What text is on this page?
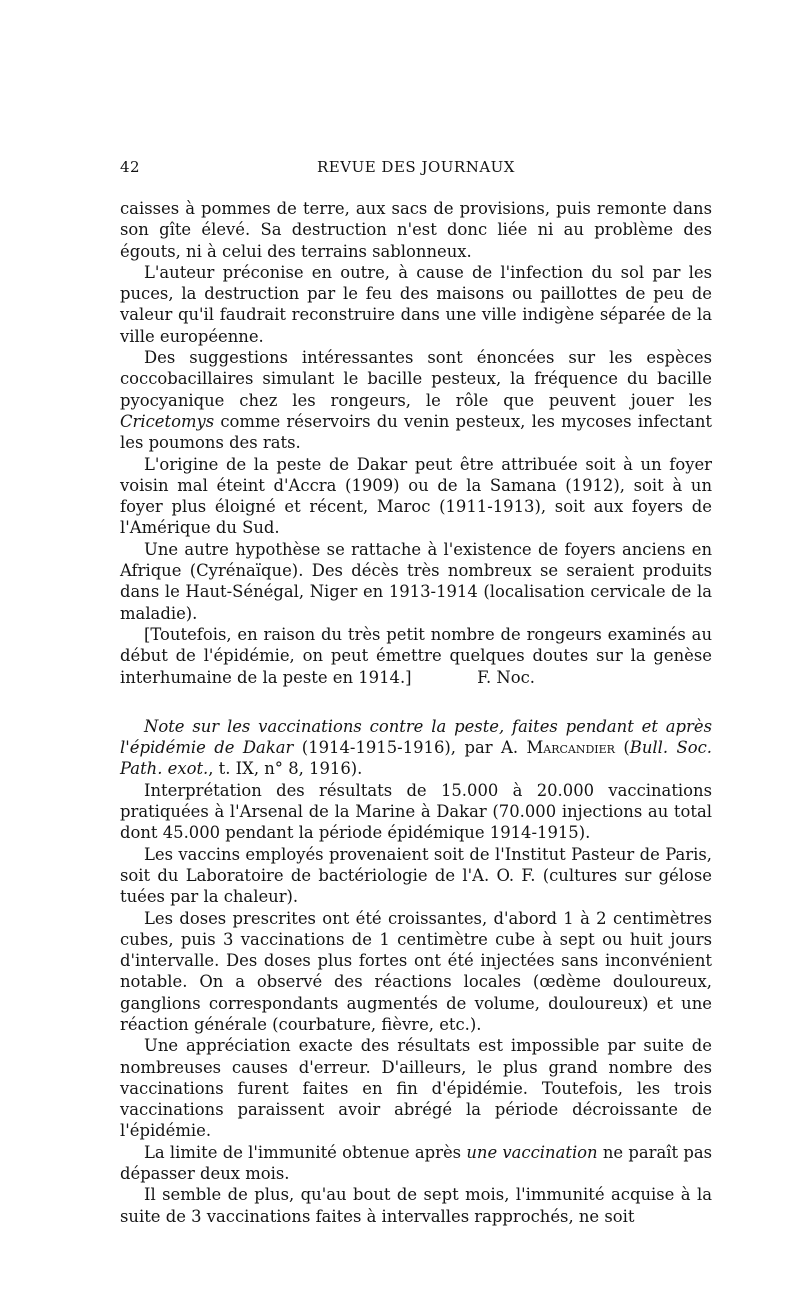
42	REVUE DES JOURNAUX

caisses à pommes de terre, aux sacs de provisions, puis remonte dans son gîte élevé. Sa destruction n'est donc liée ni au problème des égouts, ni à celui des terrains sablonneux.

L'auteur préconise en outre, à cause de l'infection du sol par les puces, la destruction par le feu des maisons ou paillottes de peu de valeur qu'il faudrait reconstruire dans une ville indigène séparée de la ville européenne.

Des suggestions intéressantes sont énoncées sur les espèces coccobacillaires simulant le bacille pesteux, la fréquence du bacille pyocyanique chez les rongeurs, le rôle que peuvent jouer les Cricetomys comme réservoirs du venin pesteux, les mycoses infectant les poumons des rats.

L'origine de la peste de Dakar peut être attribuée soit à un foyer voisin mal éteint d'Accra (1909) ou de la Samana (1912), soit à un foyer plus éloigné et récent, Maroc (1911-1913), soit aux foyers de l'Amérique du Sud.

Une autre hypothèse se rattache à l'existence de foyers anciens en Afrique (Cyrénaïque). Des décès très nombreux se seraient produits dans le Haut-Sénégal, Niger en 1913-1914 (localisation cervicale de la maladie).

[Toutefois, en raison du très petit nombre de rongeurs examinés au début de l'épidémie, on peut émettre quelques doutes sur la genèse interhumaine de la peste en 1914.]    	F. Noc.

Note sur les vaccinations contre la peste, faites pendant et après l'épidémie de Dakar (1914-1915-1916), par A. Marcandier (Bull. Soc. Path. exot., t. IX, n° 8, 1916).

Interprétation des résultats de 15.000 à 20.000 vaccinations pratiquées à l'Arsenal de la Marine à Dakar (70.000 injections au total dont 45.000 pendant la période épidémique 1914-1915).

Les vaccins employés provenaient soit de l'Institut Pasteur de Paris, soit du Laboratoire de bactériologie de l'A. O. F. (cultures sur gélose tuées par la chaleur).

Les doses prescrites ont été croissantes, d'abord 1 à 2 centimètres cubes, puis 3 vaccinations de 1 centimètre cube à sept ou huit jours d'intervalle. Des doses plus fortes ont été injectées sans inconvénient notable. On a observé des réactions locales (œdème douloureux, ganglions correspondants augmentés de volume, douloureux) et une réaction générale (courbature, fièvre, etc.).

Une appréciation exacte des résultats est impossible par suite de nombreuses causes d'erreur. D'ailleurs, le plus grand nombre des vaccinations furent faites en fin d'épidémie. Toutefois, les trois vaccinations paraissent avoir abrégé la période décroissante de l'épidémie.

La limite de l'immunité obtenue après une vaccination ne paraît pas dépasser deux mois.

Il semble de plus, qu'au bout de sept mois, l'immunité acquise à la suite de 3 vaccinations faites à intervalles rapprochés, ne soit
